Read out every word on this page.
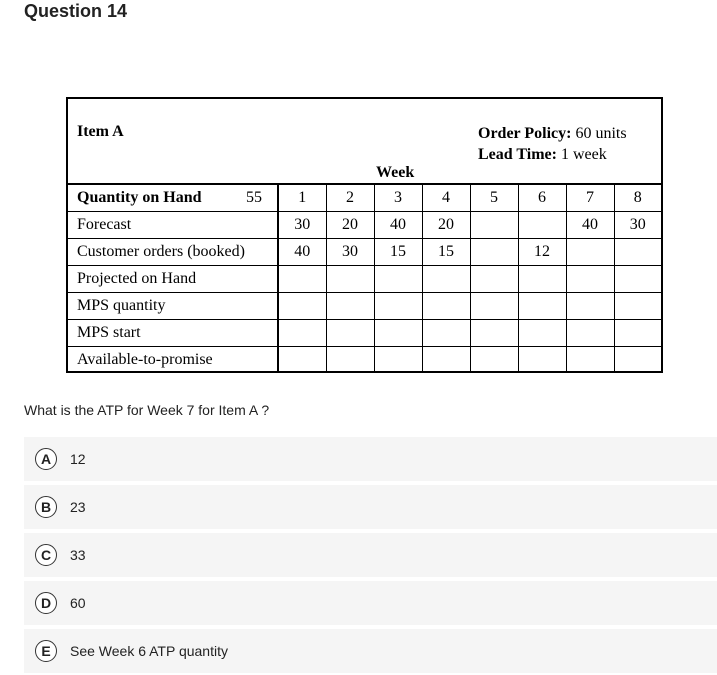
Question 14
Item A	Order Policy: 60 units
Lead Time: 1 week
Week
Quantity on Hand 55	1	2	3	4	5	6	7	8
Forecast	30	20	40	20			40	30
Customer orders (booked)	40	30	15	15		12		
Projected on Hand								
MPS quantity								
MPS start								
Available-to-promise								
What is the ATP for Week 7 for Item A ?
A	12
B	23
C	33
D	60
E	See Week 6 ATP quantity
